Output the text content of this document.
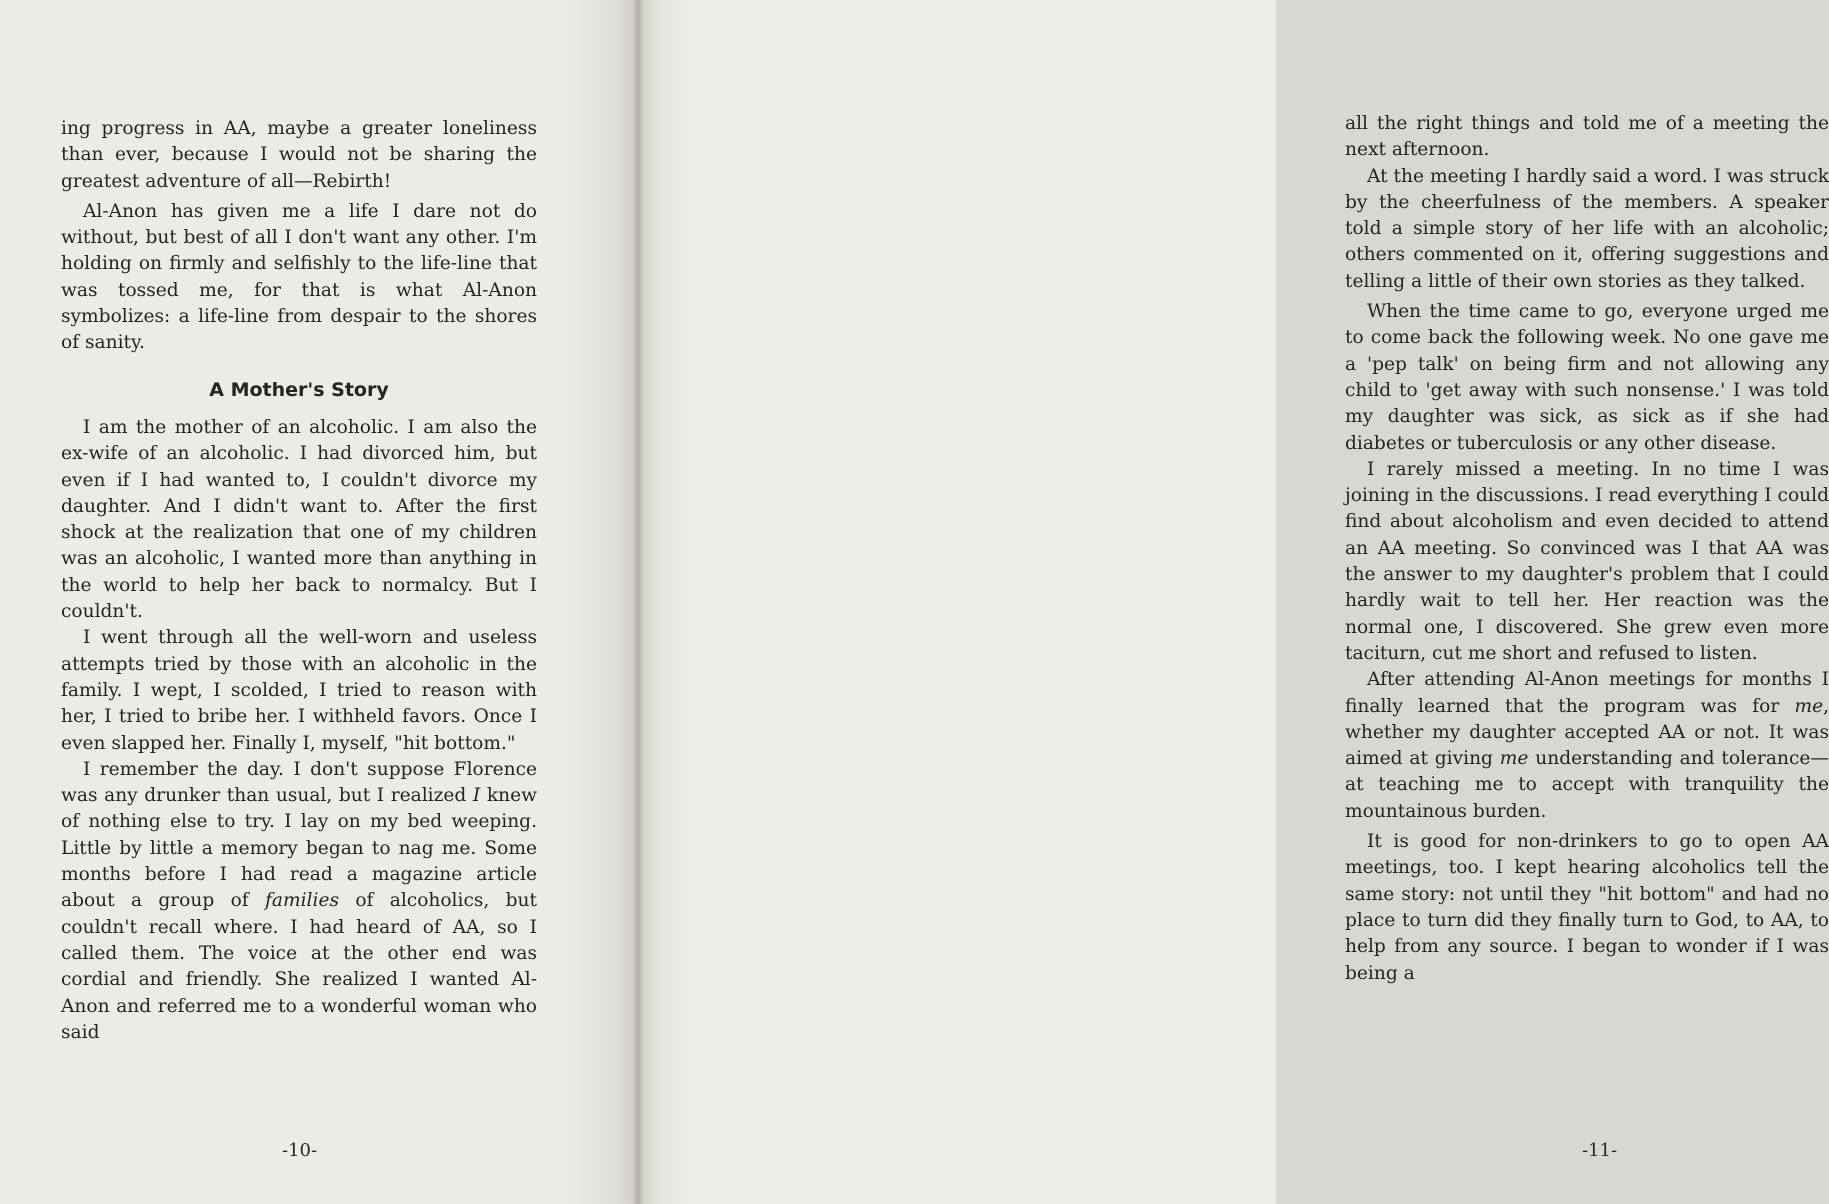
ing progress in AA, maybe a greater loneliness than ever, because I would not be sharing the greatest adventure of all—Rebirth!

Al-Anon has given me a life I dare not do without, but best of all I don't want any other. I'm holding on firmly and selfishly to the life-line that was tossed me, for that is what Al-Anon symbolizes: a life-line from despair to the shores of sanity.

A Mother's Story

I am the mother of an alcoholic. I am also the ex-wife of an alcoholic. I had divorced him, but even if I had wanted to, I couldn't divorce my daughter. And I didn't want to. After the first shock at the realization that one of my children was an alcoholic, I wanted more than anything in the world to help her back to normalcy. But I couldn't.

I went through all the well-worn and useless attempts tried by those with an alcoholic in the family. I wept, I scolded, I tried to reason with her, I tried to bribe her. I withheld favors. Once I even slapped her. Finally I, myself, "hit bottom."

I remember the day. I don't suppose Florence was any drunker than usual, but I realized I knew of nothing else to try. I lay on my bed weeping. Little by little a memory began to nag me. Some months before I had read a magazine article about a group of families of alcoholics, but couldn't recall where. I had heard of AA, so I called them. The voice at the other end was cordial and friendly. She realized I wanted Al-Anon and referred me to a wonderful woman who said

-10-

all the right things and told me of a meeting the next afternoon.

At the meeting I hardly said a word. I was struck by the cheerfulness of the members. A speaker told a simple story of her life with an alcoholic; others commented on it, offering suggestions and telling a little of their own stories as they talked.

When the time came to go, everyone urged me to come back the following week. No one gave me a 'pep talk' on being firm and not allowing any child to 'get away with such nonsense.' I was told my daughter was sick, as sick as if she had diabetes or tuberculosis or any other disease.

I rarely missed a meeting. In no time I was joining in the discussions. I read everything I could find about alcoholism and even decided to attend an AA meeting. So convinced was I that AA was the answer to my daughter's problem that I could hardly wait to tell her. Her reaction was the normal one, I discovered. She grew even more taciturn, cut me short and refused to listen.

After attending Al-Anon meetings for months I finally learned that the program was for me, whether my daughter accepted AA or not. It was aimed at giving me understanding and tolerance—at teaching me to accept with tranquility the mountainous burden.

It is good for non-drinkers to go to open AA meetings, too. I kept hearing alcoholics tell the same story: not until they "hit bottom" and had no place to turn did they finally turn to God, to AA, to help from any source. I began to wonder if I was being a

-11-
